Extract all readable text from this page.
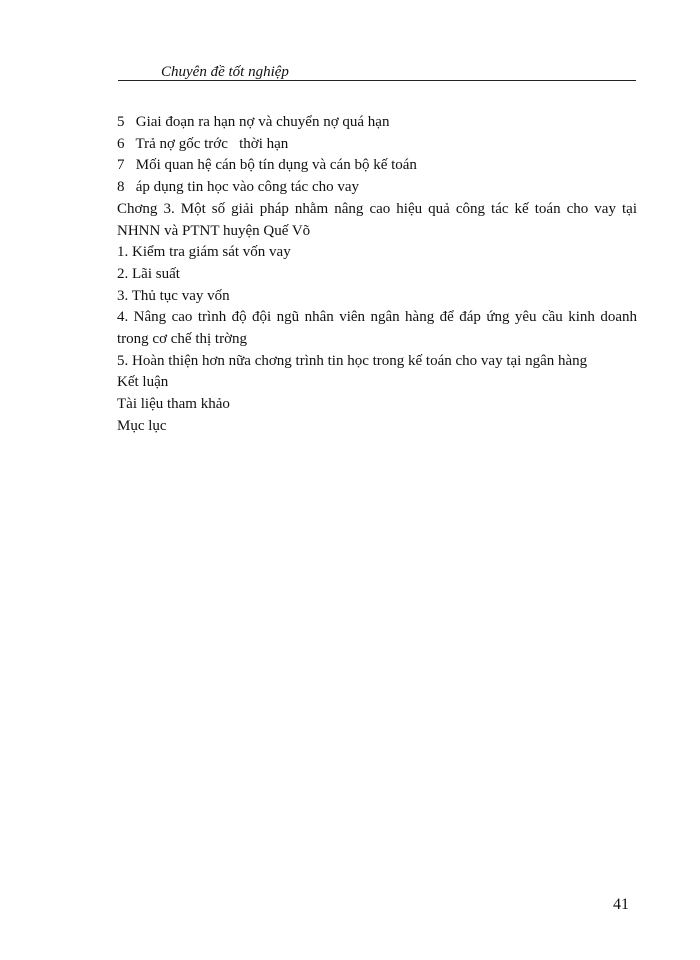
Chuyên đề tốt nghiệp
5   Giai đoạn ra hạn nợ và chuyển nợ quá hạn
6   Trả nợ gốc trớc   thời hạn
7   Mối quan hệ cán bộ tín dụng và cán bộ kế toán
8   áp dụng tin học vào công tác cho vay
Chơng 3. Một số giải pháp nhằm nâng cao hiệu quả công tác kế toán cho vay tại NHNN và PTNT huyện Quế Võ
1. Kiểm tra giám sát vốn vay
2. Lãi suất
3. Thủ tục vay vốn
4. Nâng cao trình độ đội ngũ nhân viên ngân hàng để đáp ứng yêu cầu kinh doanh trong cơ chế thị trờng
5. Hoàn thiện hơn nữa chơng trình tin học trong kế toán cho vay tại ngân hàng
Kết luận
Tài liệu tham khảo
Mục lục
41
